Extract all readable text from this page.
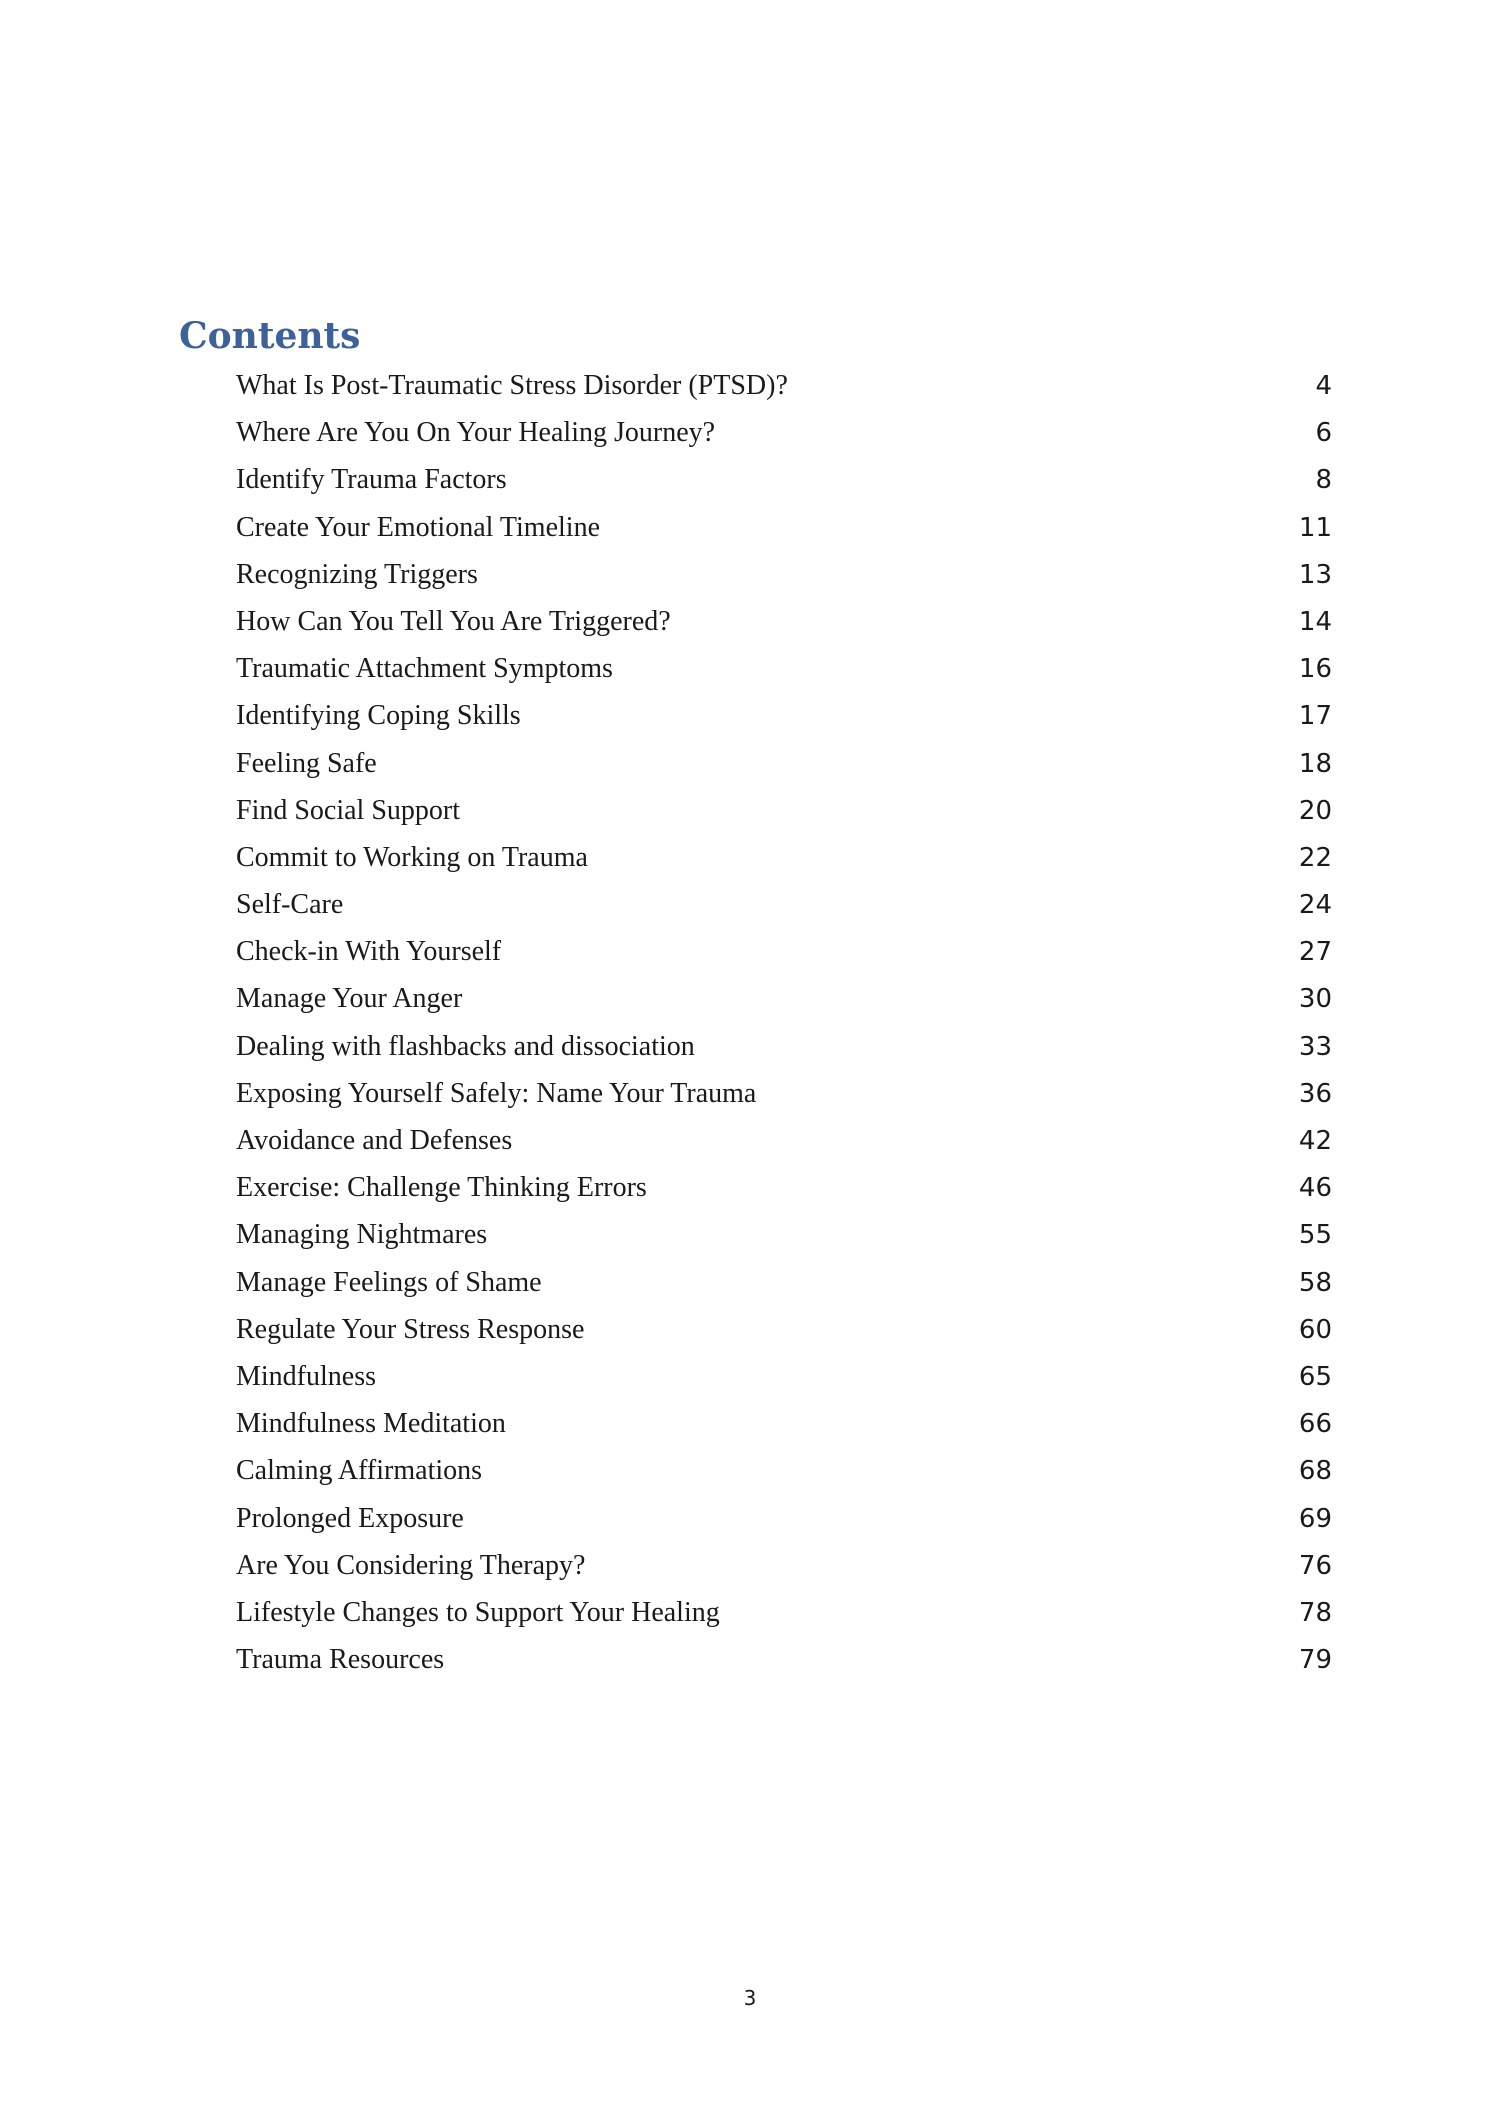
Contents
What Is Post-Traumatic Stress Disorder (PTSD)?	4
Where Are You On Your Healing Journey?	6
Identify Trauma Factors	8
Create Your Emotional Timeline	11
Recognizing Triggers	13
How Can You Tell You Are Triggered?	14
Traumatic Attachment Symptoms	16
Identifying Coping Skills	17
Feeling Safe	18
Find Social Support	20
Commit to Working on Trauma	22
Self-Care	24
Check-in With Yourself	27
Manage Your Anger	30
Dealing with flashbacks and dissociation	33
Exposing Yourself Safely: Name Your Trauma	36
Avoidance and Defenses	42
Exercise: Challenge Thinking Errors	46
Managing Nightmares	55
Manage Feelings of Shame	58
Regulate Your Stress Response	60
Mindfulness	65
Mindfulness Meditation	66
Calming Affirmations	68
Prolonged Exposure	69
Are You Considering Therapy?	76
Lifestyle Changes to Support Your Healing	78
Trauma Resources	79
3
